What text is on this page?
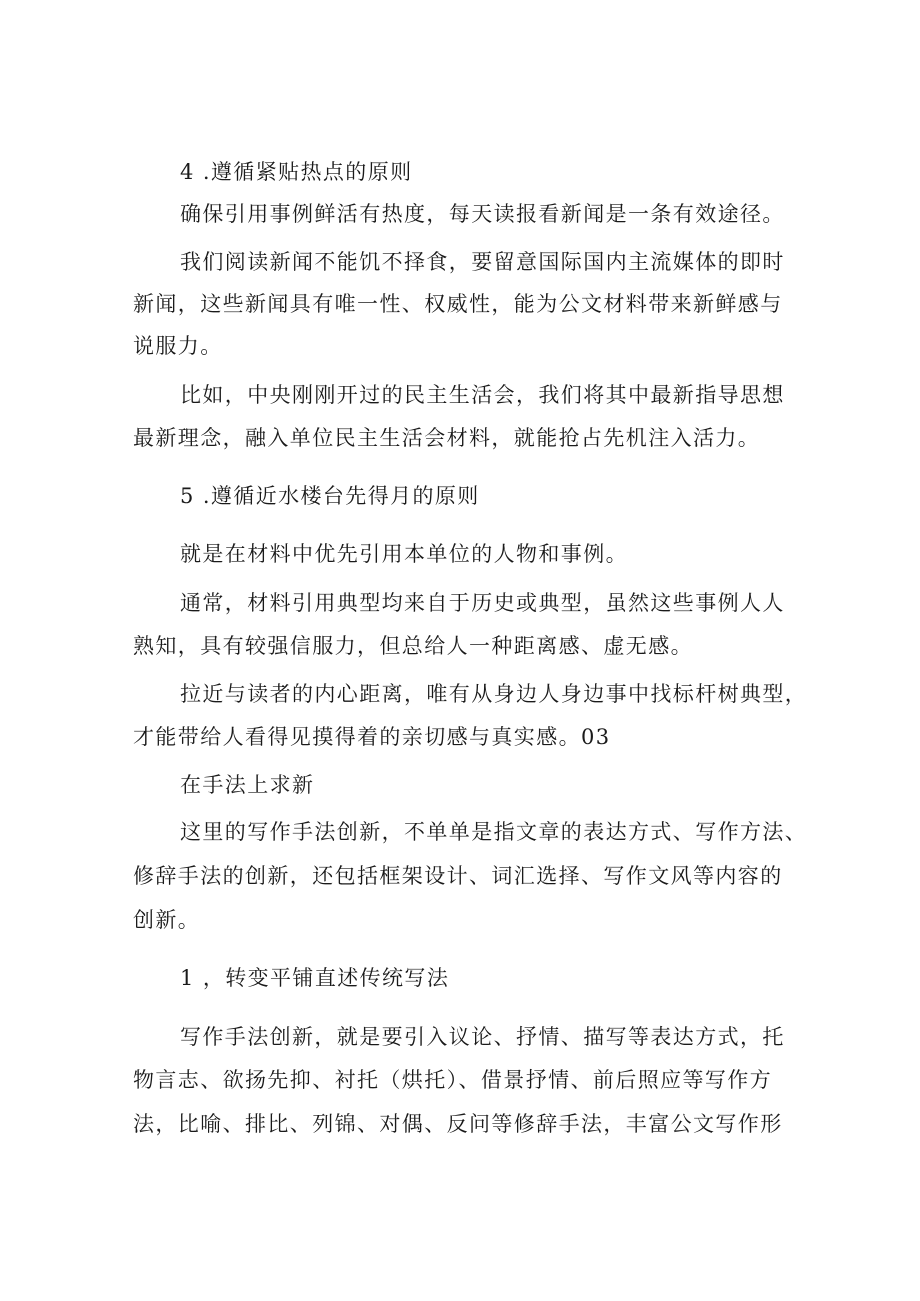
4 .遵循紧贴热点的原则
确保引用事例鲜活有热度，每天读报看新闻是一条有效途径。
我们阅读新闻不能饥不择食，要留意国际国内主流媒体的即时
新闻，这些新闻具有唯一性、权威性，能为公文材料带来新鲜感与
说服力。
比如，中央刚刚开过的民主生活会，我们将其中最新指导思想
最新理念，融入单位民主生活会材料，就能抢占先机注入活力。
5 .遵循近水楼台先得月的原则
就是在材料中优先引用本单位的人物和事例。
通常，材料引用典型均来自于历史或典型，虽然这些事例人人
熟知，具有较强信服力，但总给人一种距离感、虚无感。
拉近与读者的内心距离，唯有从身边人身边事中找标杆树典型，
才能带给人看得见摸得着的亲切感与真实感。03
在手法上求新
这里的写作手法创新，不单单是指文章的表达方式、写作方法、
修辞手法的创新，还包括框架设计、词汇选择、写作文风等内容的
创新。
1 ，转变平铺直述传统写法
写作手法创新，就是要引入议论、抒情、描写等表达方式，托
物言志、欲扬先抑、衬托（烘托）、借景抒情、前后照应等写作方
法，比喻、排比、列锦、对偶、反问等修辞手法，丰富公文写作形
